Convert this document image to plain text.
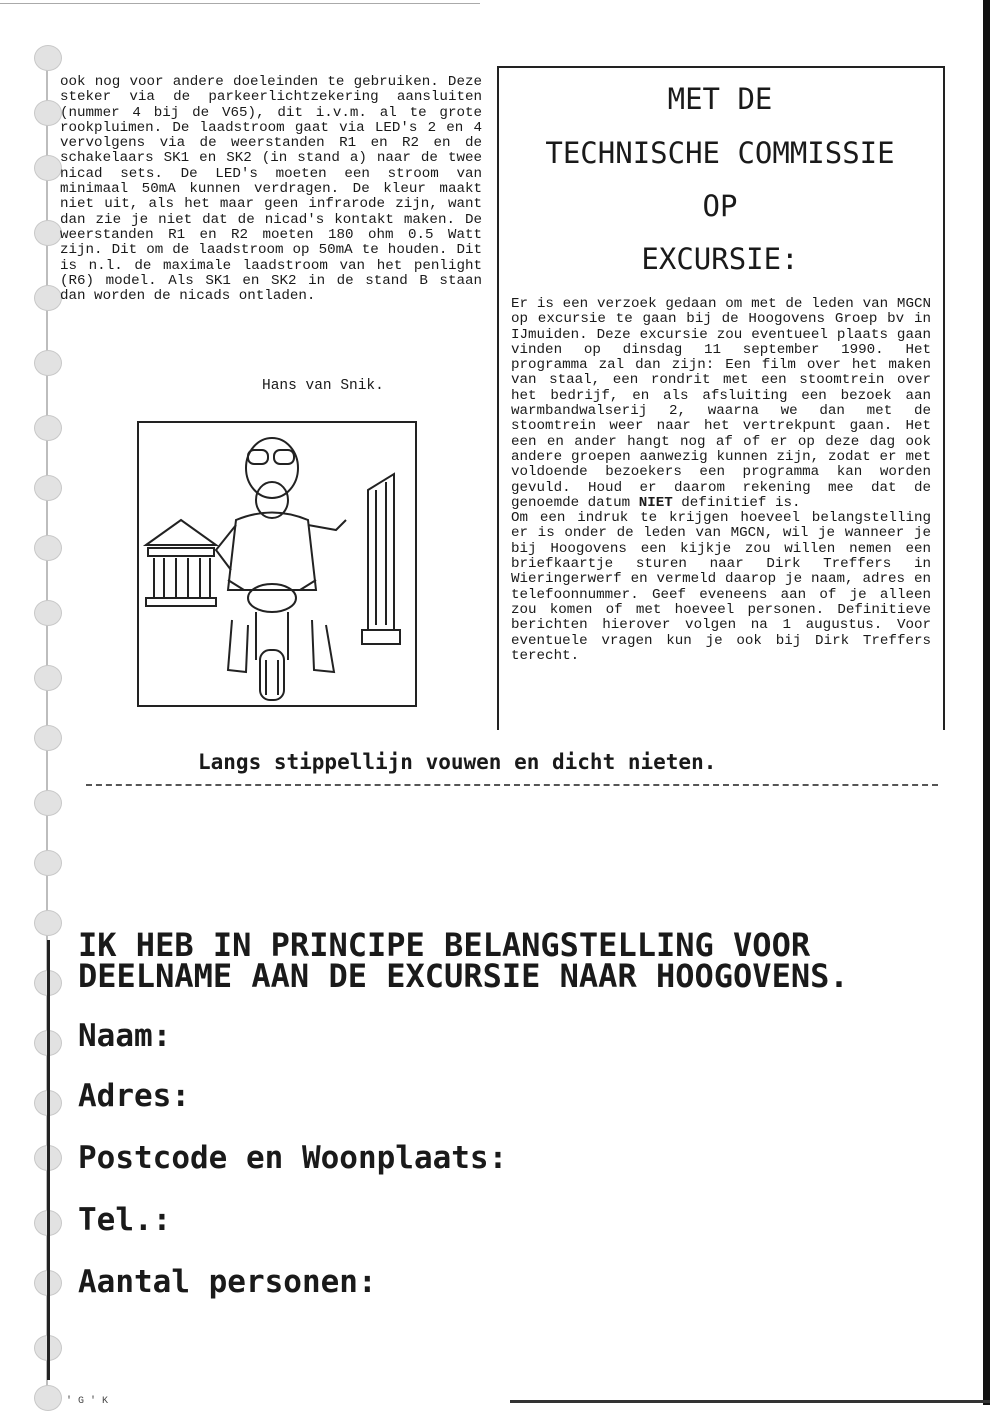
ook nog voor andere doeleinden te gebruiken. Deze steker via de parkeerlichtzekering aansluiten (nummer 4 bij de V65), dit i.v.m. al te grote rookpluimen. De laadstroom gaat via LED's 2 en 4 vervolgens via de weerstanden R1 en R2 en de schakelaars SK1 en SK2 (in stand a) naar de twee nicad sets. De LED's moeten een stroom van minimaal 50mA kunnen verdragen. De kleur maakt niet uit, als het maar geen infrarode zijn, want dan zie je niet dat de nicad's kontakt maken. De weerstanden R1 en R2 moeten 180 ohm 0.5 Watt zijn. Dit om de laadstroom op 50mA te houden. Dit is n.l. de maximale laadstroom van het penlight (R6) model. Als SK1 en SK2 in de stand B staan dan worden de nicads ontladen.
Hans van Snik.
MET DE
TECHNISCHE COMMISSIE
OP
EXCURSIE:
Er is een verzoek gedaan om met de leden van MGCN op excursie te gaan bij de Hoogovens Groep bv in IJmuiden. Deze excursie zou eventueel plaats gaan vinden op dinsdag 11 september 1990. Het programma zal dan zijn: Een film over het maken van staal, een rondrit met een stoomtrein over het bedrijf, en als afsluiting een bezoek aan warmbandwalserij 2, waarna we dan met de stoomtrein weer naar het vertrekpunt gaan. Het een en ander hangt nog af of er op deze dag ook andere groepen aanwezig kunnen zijn, zodat er met voldoende bezoekers een programma kan worden gevuld. Houd er daarom rekening mee dat de genoemde datum NIET definitief is.
Om een indruk te krijgen hoeveel belangstelling er is onder de leden van MGCN, wil je wanneer je bij Hoogovens een kijkje zou willen nemen een briefkaartje sturen naar Dirk Treffers in Wieringerwerf en vermeld daarop je naam, adres en telefoonnummer. Geef eveneens aan of je alleen zou komen of met hoeveel personen. Definitieve berichten hierover volgen na 1 augustus. Voor eventuele vragen kun je ook bij Dirk Treffers terecht.
Langs stippellijn vouwen en dicht nieten.
IK HEB IN PRINCIPE BELANGSTELLING VOOR
DEELNAME AAN DE EXCURSIE NAAR HOOGOVENS.
Naam:
Adres:
Postcode en Woonplaats:
Tel.:
Aantal personen:
' G ' K
